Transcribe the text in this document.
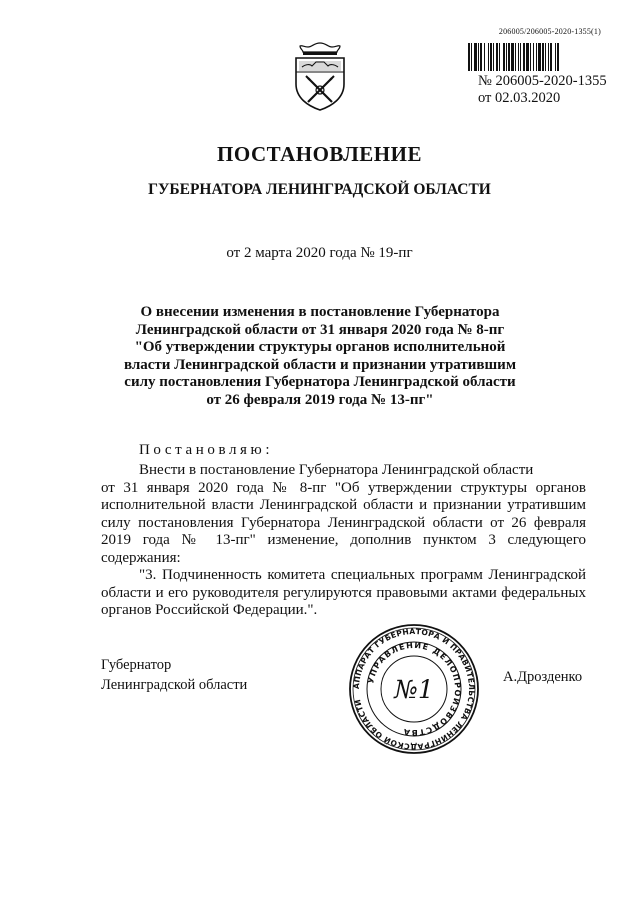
206005/206005-2020-1355(1)
№ 206005-2020-1355
от 02.03.2020
ПОСТАНОВЛЕНИЕ
ГУБЕРНАТОРА ЛЕНИНГРАДСКОЙ ОБЛАСТИ
от 2 марта 2020 года № 19-пг
О внесении изменения в постановление Губернатора
Ленинградской области от 31 января 2020 года № 8-пг
"Об утверждении структуры органов исполнительной
власти Ленинградской области и признании утратившим
силу постановления Губернатора Ленинградской области
от 26 февраля 2019 года № 13-пг"
Постановляю:
Внести в постановление Губернатора Ленинградской области
от 31 января 2020 года № 8-пг "Об утверждении структуры органов
исполнительной власти Ленинградской области и признании утратившим
силу постановления Губернатора Ленинградской области от 26 февраля
2019 года № 13-пг" изменение, дополнив пунктом 3 следующего
содержания:
"3. Подчиненность комитета специальных программ Ленинградской
области и его руководителя регулируются правовыми актами федеральных
органов Российской Федерации.".
Губернатор
Ленинградской области	А.Дрозденко
АППАРАТ ГУБЕРНАТОРА И ПРАВИТЕЛЬСТВА ЛЕНИНГРАДСКОЙ ОБЛАСТИ
УПРАВЛЕНИЕ ДЕЛОПРОИЗВОДСТВА
№1
